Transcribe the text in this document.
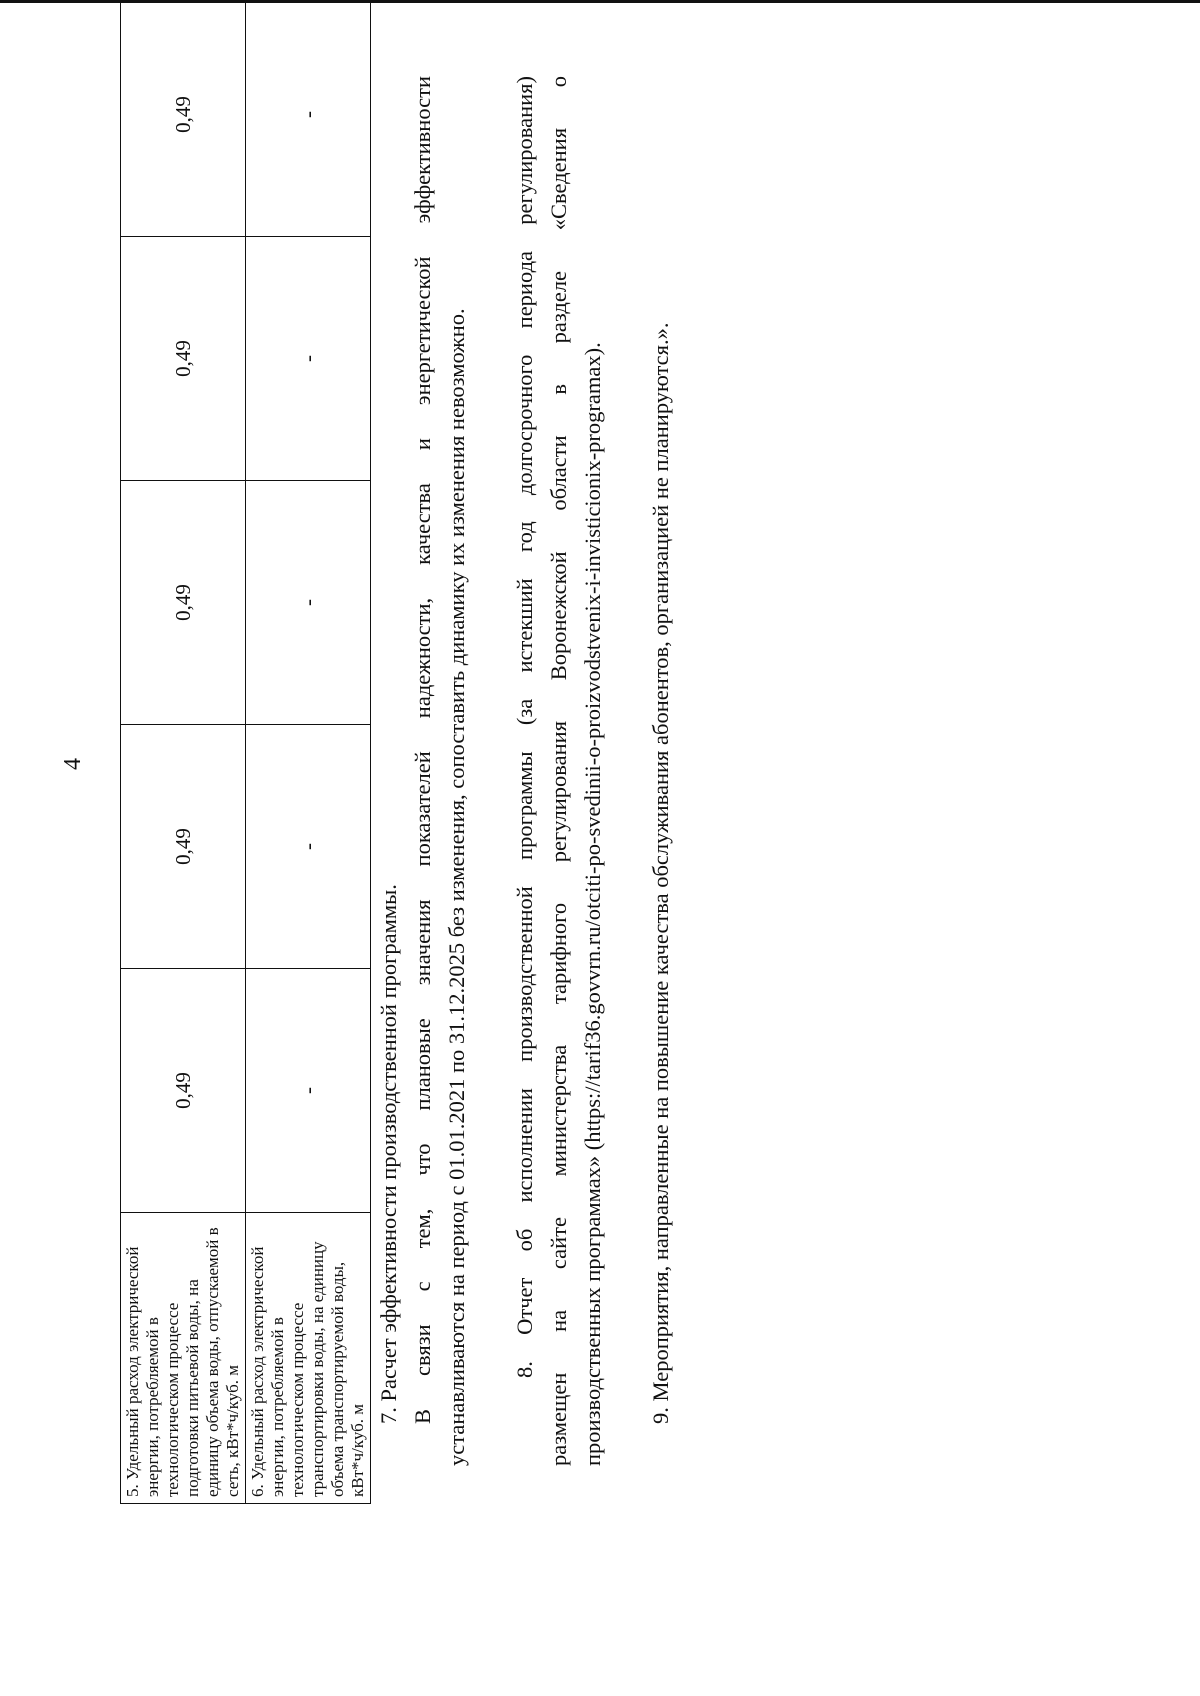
4
5. Удельный расход электрической энергии, потребляемой в технологическом процессе подготовки питьевой воды, на единицу объема воды, отпускаемой в сеть, кВт*ч/куб. м	0,49	0,49	0,49	0,49	0,49
6. Удельный расход электрической энергии, потребляемой в технологическом процессе транспортировки воды, на единицу объема транспортируемой воды, кВт*ч/куб. м	-	-	-	-	-

7. Расчет эффективности производственной программы. В связи с тем, что плановые значения показателей надежности, качества и энергетической эффективности устанавливаются на период с 01.01.2021 по 31.12.2025 без изменения, сопоставить динамику их изменения невозможно. 8. Отчет об исполнении производственной программы (за истекший год долгосрочного периода регулирования) размещен на сайте министерства тарифного регулирования Воронежской области в разделе «Сведения о производственных программах» (https://tarif36.govvrn.ru/otciti-po-svedinii-o-proizvodstvenix-i-invisticionix-programax). 9. Мероприятия, направленные на повышение качества обслуживания абонентов, организацией не планируются.».
